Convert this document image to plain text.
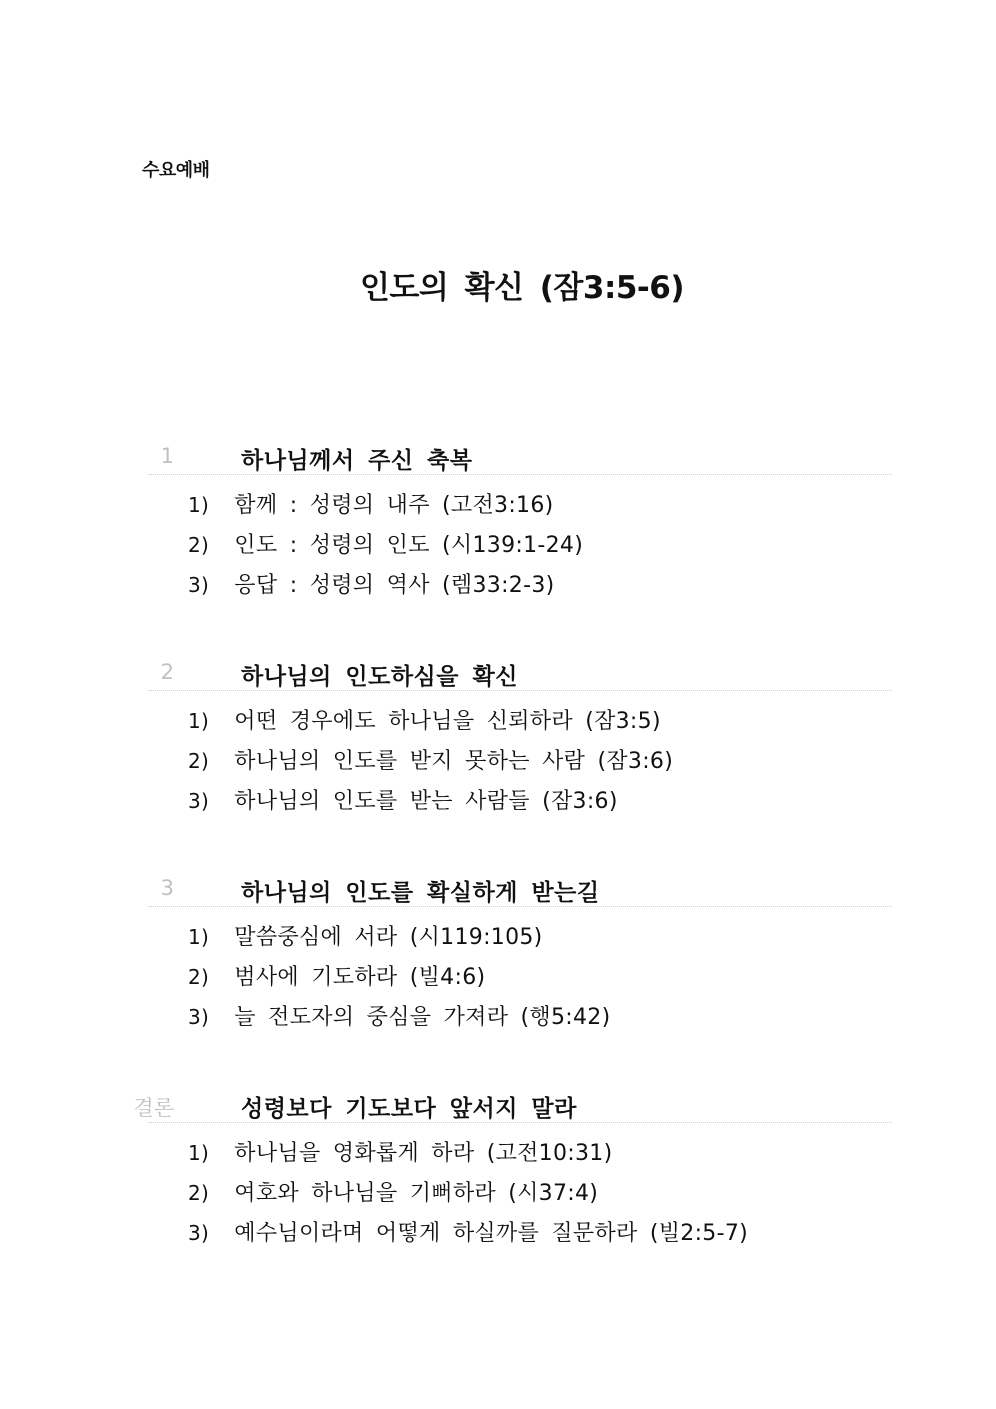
수요예배
인도의 확신 (잠3:5-6)
1	하나님께서 주신 축복
1) 함께 : 성령의 내주 (고전3:16)
2) 인도 : 성령의 인도 (시139:1-24)
3) 응답 : 성령의 역사 (렘33:2-3)
2	하나님의 인도하심을 확신
1) 어떤 경우에도 하나님을 신뢰하라 (잠3:5)
2) 하나님의 인도를 받지 못하는 사람 (잠3:6)
3) 하나님의 인도를 받는 사람들 (잠3:6)
3	하나님의 인도를 확실하게 받는길
1) 말씀중심에 서라 (시119:105)
2) 범사에 기도하라 (빌4:6)
3) 늘 전도자의 중심을 가져라 (행5:42)
결론	성령보다 기도보다 앞서지 말라
1) 하나님을 영화롭게 하라 (고전10:31)
2) 여호와 하나님을 기뻐하라 (시37:4)
3) 예수님이라며 어떻게 하실까를 질문하라 (빌2:5-7)
